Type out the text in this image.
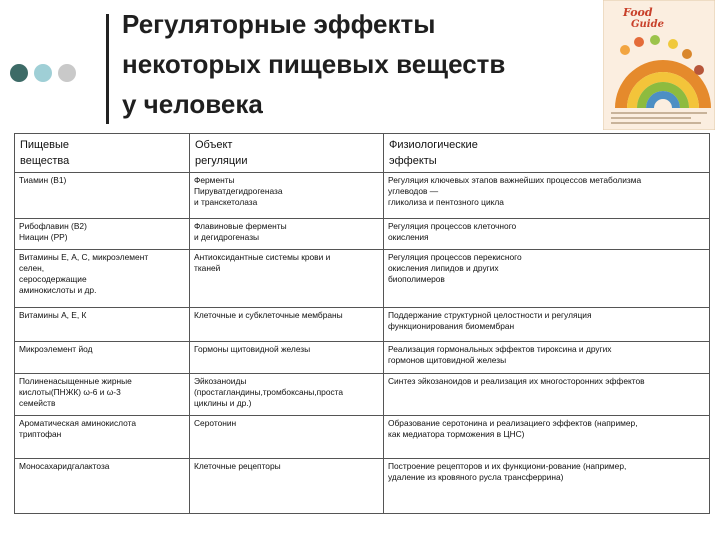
Регуляторные эффекты
некоторых пищевых веществ
у человека
Food
Guide
Пищевые
вещества	Объект
регуляции	Физиологические
эффекты

Тиамин (В1)	Ферменты
Пируватдегидрогеназа
и транскетолаза	Регуляция ключевых этапов важнейших процессов метаболизма
углеводов —
гликолиза и пентозного цикла

Рибофлавин (В2)
Ниацин (РР)	Флавиновые ферменты
и дегидрогеназы	Регуляция процессов клеточного
окисления

Витамины Е, А, С, микроэлемент
селен,
серосодержащие
аминокислоты и др.	Антиоксидантные системы крови и
тканей	Регуляция процессов перекисного
окисления липидов и других
биополимеров

Витамины А, Е, К	Клеточные и субклеточные мембраны	Поддержание структурной целостности и регуляция
функционирования биомембран

Микроэлемент йод	Гормоны щитовидной железы	Реализация гормональных эффектов тироксина и других
гормонов щитовидной железы

Полиненасыщенные жирные
кислоты(ПНЖК) ω-6 и ω-3
семейств	Эйкозаноиды
(простагландины,тромбоксаны,проста
циклины и др.)	Синтез эйкозаноидов и реализация их многосторонних эффектов

Ароматическая аминокислота
триптофан	Серотонин	Образование серотонина и реализациего эффектов (например,
как медиатора торможения в ЦНС)

Моносахаридгалактоза	Клеточные рецепторы	Построение рецепторов и их функциони-рование (например,
удаление из кровяного русла трансферрина)
